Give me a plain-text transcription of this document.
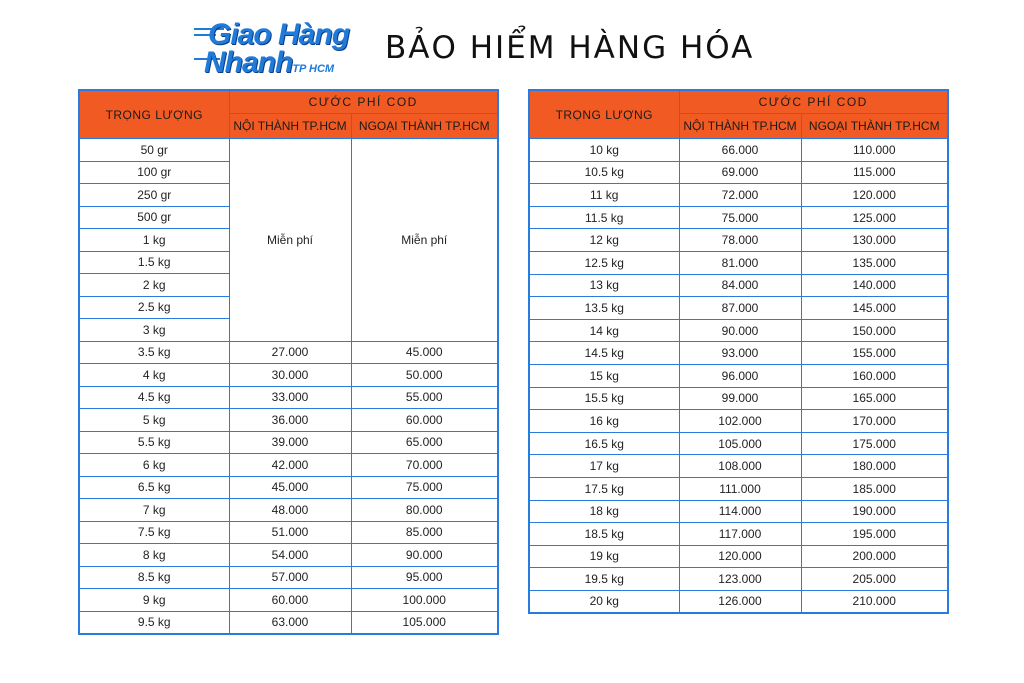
Giao Hàng
NhanhTP HCM
BẢO HIỂM HÀNG HÓA
TRỌNG LƯỢNG	CƯỚC PHÍ COD	
	NỘI THÀNH TP.HCM	NGOẠI THÀNH TP.HCM
50 gr	Miễn phí	Miễn phí
100 gr		
250 gr		
500 gr		
1 kg		
1.5 kg		
2 kg		
2.5 kg		
3 kg		
3.5 kg	27.000	45.000
4 kg	30.000	50.000
4.5 kg	33.000	55.000
5 kg	36.000	60.000
5.5 kg	39.000	65.000
6 kg	42.000	70.000
6.5 kg	45.000	75.000
7 kg	48.000	80.000
7.5 kg	51.000	85.000
8 kg	54.000	90.000
8.5 kg	57.000	95.000
9 kg	60.000	100.000
9.5 kg	63.000	105.000
TRỌNG LƯỢNG	CƯỚC PHÍ COD	
	NỘI THÀNH TP.HCM	NGOẠI THÀNH TP.HCM
10 kg	66.000	110.000
10.5 kg	69.000	115.000
11 kg	72.000	120.000
11.5 kg	75.000	125.000
12 kg	78.000	130.000
12.5 kg	81.000	135.000
13 kg	84.000	140.000
13.5 kg	87.000	145.000
14 kg	90.000	150.000
14.5 kg	93.000	155.000
15 kg	96.000	160.000
15.5 kg	99.000	165.000
16 kg	102.000	170.000
16.5 kg	105.000	175.000
17 kg	108.000	180.000
17.5 kg	111.000	185.000
18 kg	114.000	190.000
18.5 kg	117.000	195.000
19 kg	120.000	200.000
19.5 kg	123.000	205.000
20 kg	126.000	210.000
